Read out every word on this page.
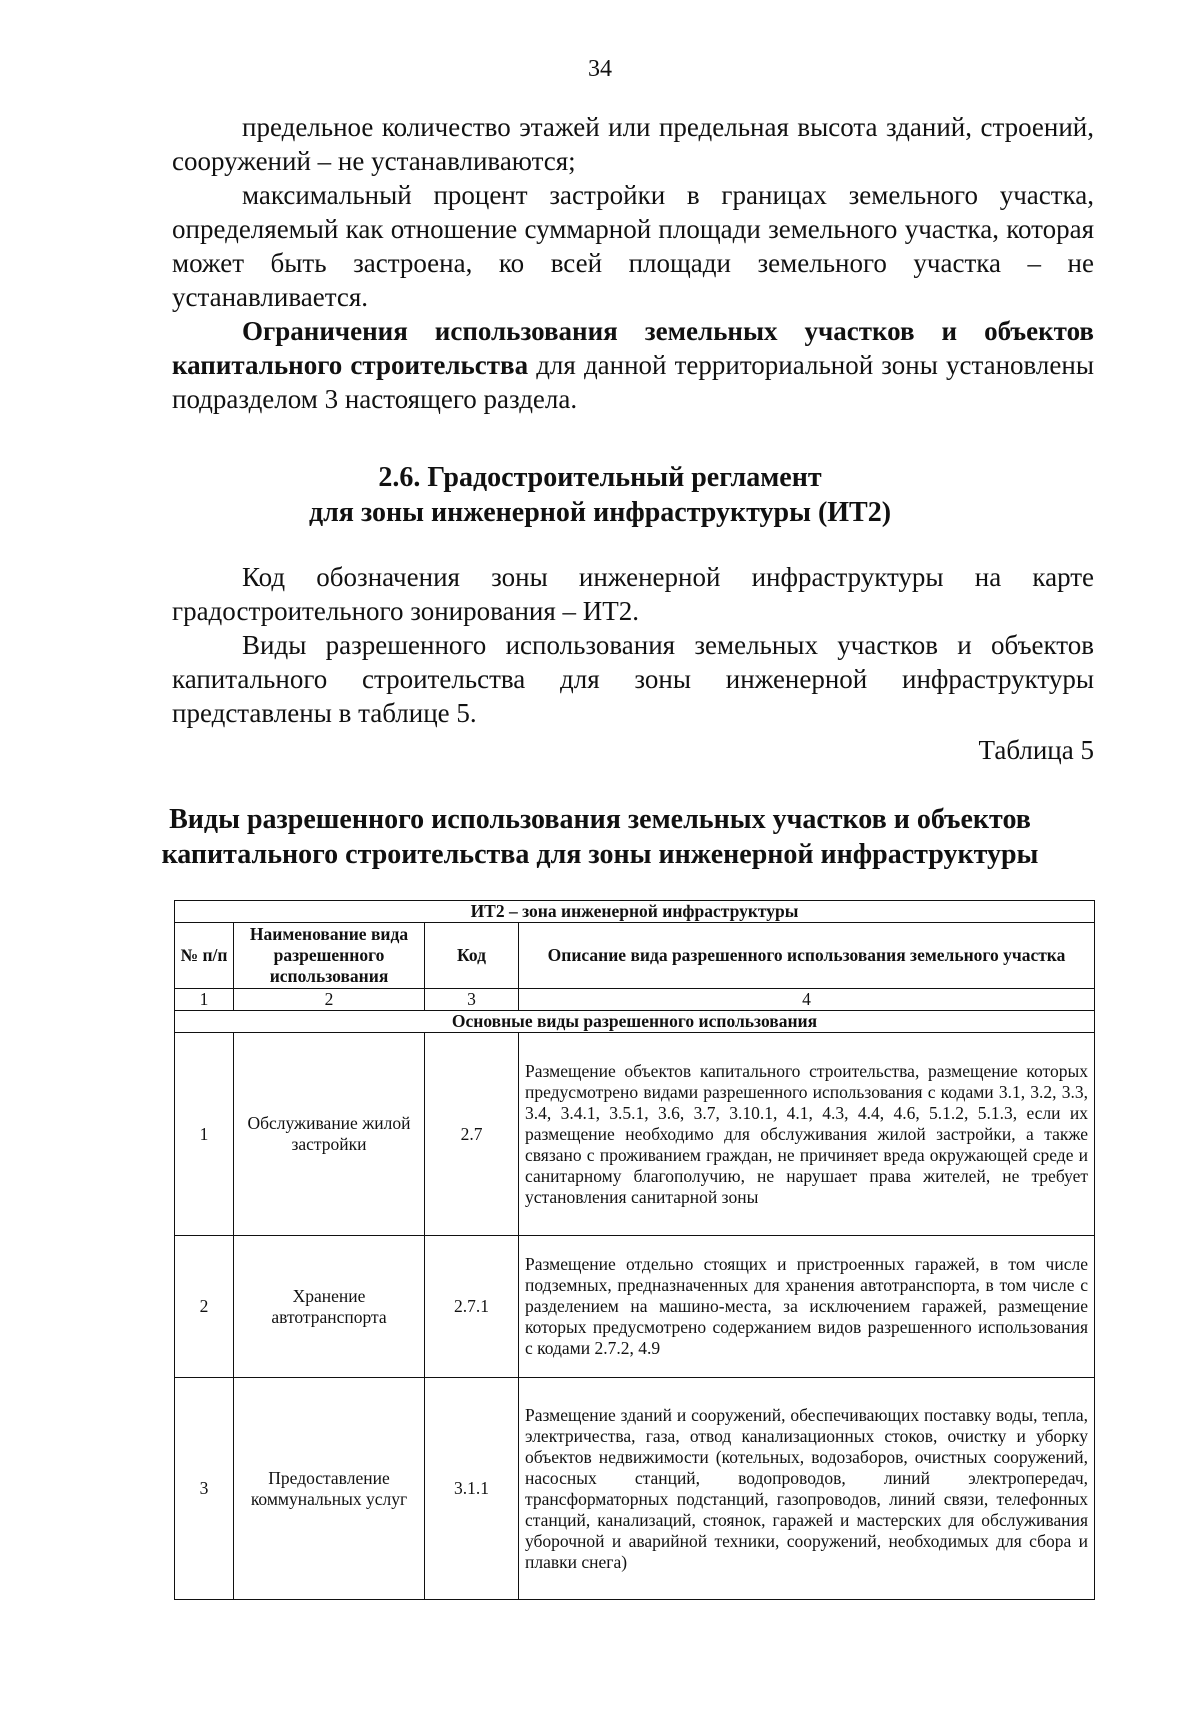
34

предельное количество этажей или предельная высота зданий, строений, сооружений – не устанавливаются;

максимальный процент застройки в границах земельного участка, определяемый как отношение суммарной площади земельного участка, которая может быть застроена, ко всей площади земельного участка – не устанавливается.

Ограничения использования земельных участков и объектов капитального строительства для данной территориальной зоны установлены подразделом 3 настоящего раздела.

2.6. Градостроительный регламент
для зоны инженерной инфраструктуры (ИТ2)

Код обозначения зоны инженерной инфраструктуры на карте градостроительного зонирования – ИТ2.

Виды разрешенного использования земельных участков и объектов капитального строительства для зоны инженерной инфраструктуры представлены в таблице 5.

Таблица 5
Виды разрешенного использования земельных участков и объектов
капитального строительства для зоны инженерной инфраструктуры
ИТ2 – зона инженерной инфраструктуры			
№ п/п	Наименование вида разрешенного использования	Код	Описание вида разрешенного использования земельного участка
1	2	3	4
Основные виды разрешенного использования			
1	Обслуживание жилой застройки	2.7	Размещение объектов капитального строительства, размещение которых предусмотрено видами разрешенного использования с кодами 3.1, 3.2, 3.3, 3.4, 3.4.1, 3.5.1, 3.6, 3.7, 3.10.1, 4.1, 4.3, 4.4, 4.6, 5.1.2, 5.1.3, если их размещение необходимо для обслуживания жилой застройки, а также связано с проживанием граждан, не причиняет вреда окружающей среде и санитарному благополучию, не нарушает права жителей, не требует установления санитарной зоны
2	Хранение автотранспорта	2.7.1	Размещение отдельно стоящих и пристроенных гаражей, в том числе подземных, предназначенных для хранения автотранспорта, в том числе с разделением на машино-места, за исключением гаражей, размещение которых предусмотрено содержанием видов разрешенного использования с кодами 2.7.2, 4.9
3	Предоставление коммунальных услуг	3.1.1	Размещение зданий и сооружений, обеспечивающих поставку воды, тепла, электричества, газа, отвод канализационных стоков, очистку и уборку объектов недвижимости (котельных, водозаборов, очистных сооружений, насосных станций, водопроводов, линий электропередач, трансформаторных подстанций, газопроводов, линий связи, телефонных станций, канализаций, стоянок, гаражей и мастерских для обслуживания уборочной и аварийной техники, сооружений, необходимых для сбора и плавки снега)
